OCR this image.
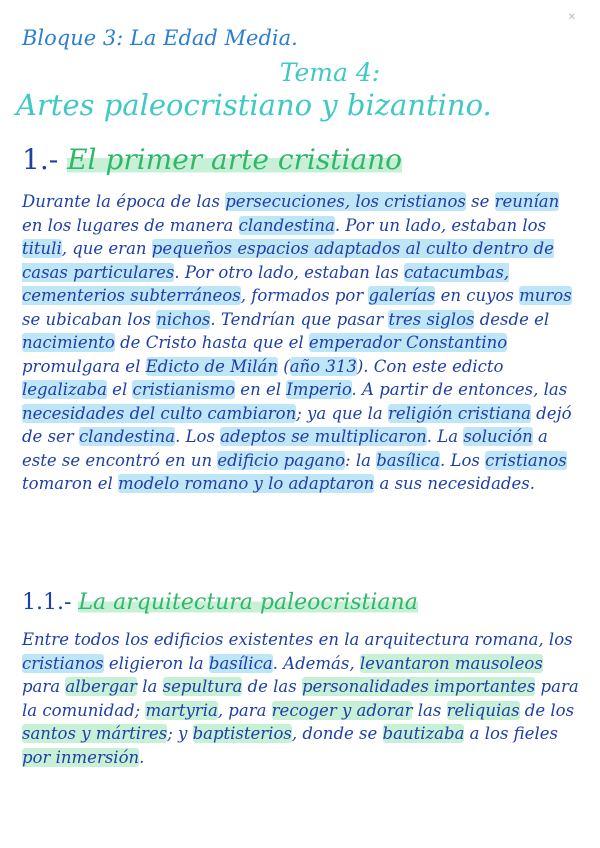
✕
Bloque 3: La Edad Media.
Tema 4:
Artes paleocristiano y bizantino.
1.- El primer arte cristiano

Durante la época de las persecuciones, los cristianos se reunían en los lugares de manera clandestina. Por un lado, estaban los tituli, que eran pequeños espacios adaptados al culto dentro de casas particulares. Por otro lado, estaban las catacumbas, cementerios subterráneos, formados por galerías en cuyos muros se ubicaban los nichos. Tendrían que pasar tres siglos desde el nacimiento de Cristo hasta que el emperador Constantino promulgara el Edicto de Milán (año 313). Con este edicto legalizaba el cristianismo en el Imperio. A partir de entonces, las necesidades del culto cambiaron; ya que la religión cristiana dejó de ser clandestina. Los adeptos se multiplicaron. La solución a este se encontró en un edificio pagano: la basílica. Los cristianos tomaron el modelo romano y lo adaptaron a sus necesidades.

1.1.- La arquitectura paleocristiana

Entre todos los edificios existentes en la arquitectura romana, los cristianos eligieron la basílica. Además, levantaron mausoleos para albergar la sepultura de las personalidades importantes para la comunidad; martyria, para recoger y adorar las reliquias de los santos y mártires; y baptisterios, donde se bautizaba a los fieles por inmersión.
